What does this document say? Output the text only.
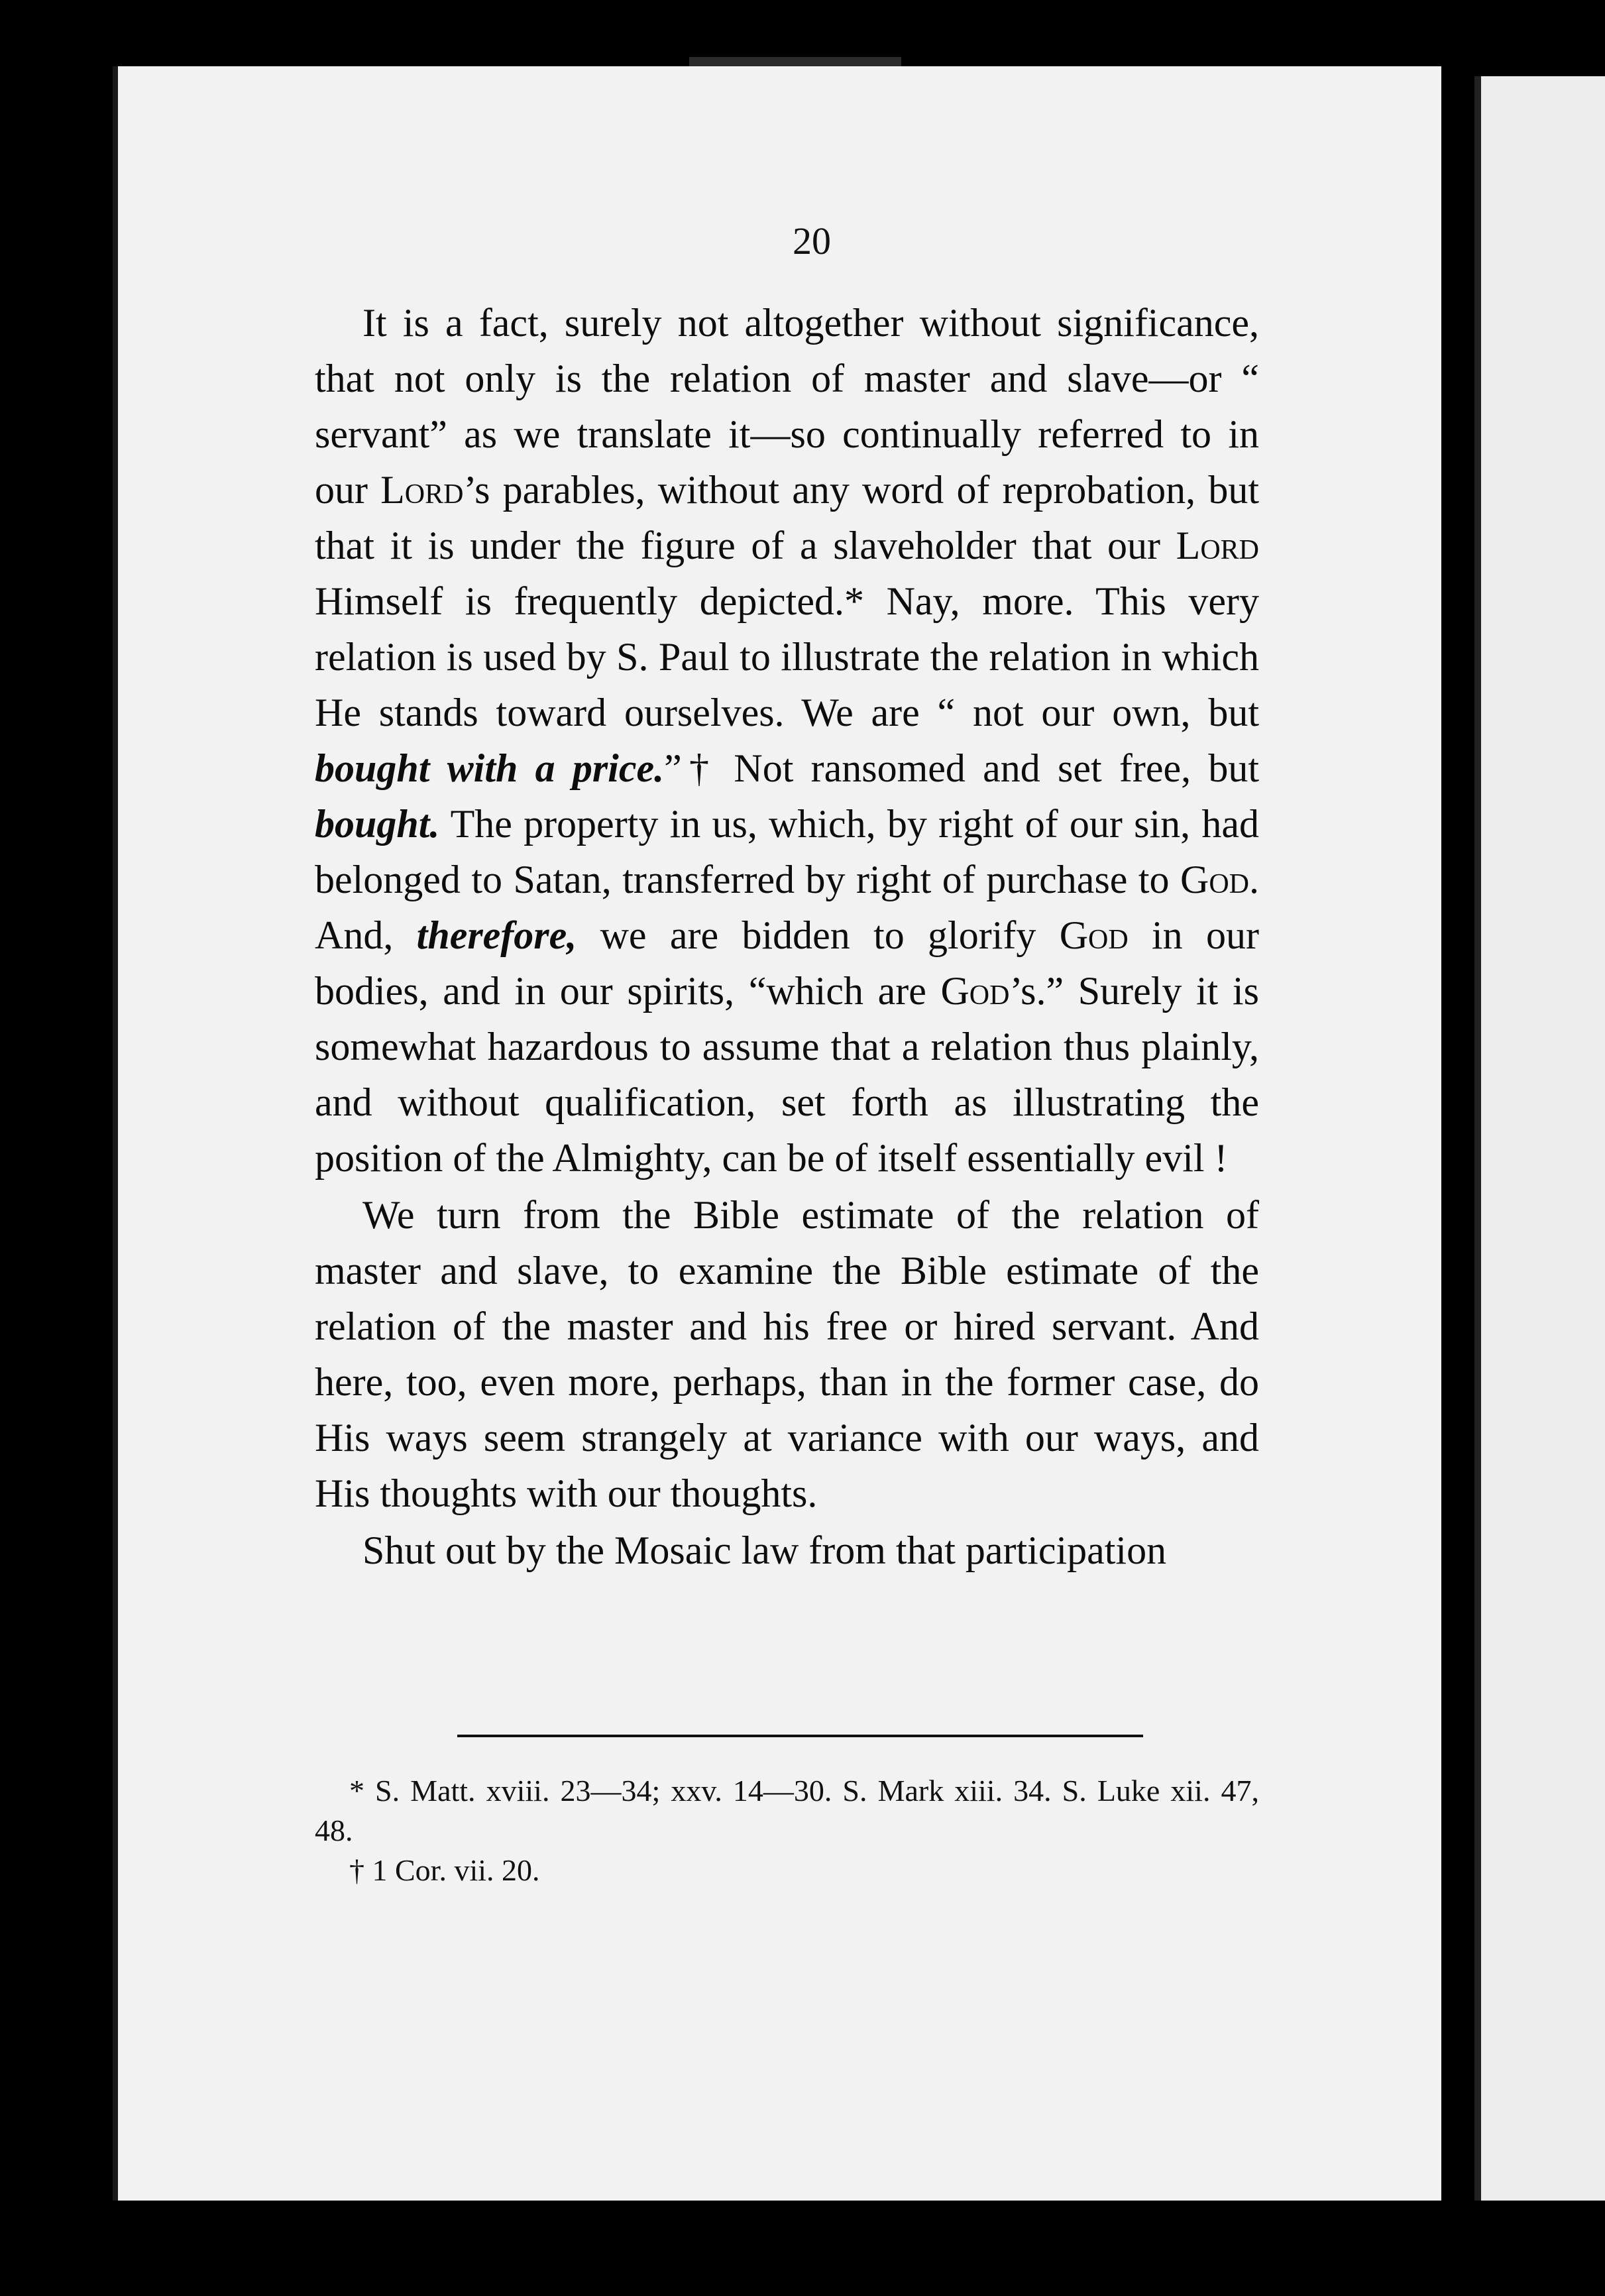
20

It is a fact, surely not altogether without significance, that not only is the relation of master and slave—or “ servant” as we translate it—so continually referred to in our Lord’s parables, without any word of reprobation, but that it is under the figure of a slaveholder that our Lord Himself is frequently depicted.* Nay, more. This very relation is used by S. Paul to illustrate the relation in which He stands toward ourselves. We are “ not our own, but bought with a price.”† Not ransomed and set free, but bought. The property in us, which, by right of our sin, had belonged to Satan, transferred by right of purchase to God. And, therefore, we are bidden to glorify God in our bodies, and in our spirits, “which are God’s.” Surely it is somewhat hazardous to assume that a relation thus plainly, and without qualification, set forth as illustrating the position of the Almighty, can be of itself essentially evil !

We turn from the Bible estimate of the relation of master and slave, to examine the Bible estimate of the relation of the master and his free or hired servant. And here, too, even more, perhaps, than in the former case, do His ways seem strangely at variance with our ways, and His thoughts with our thoughts.

Shut out by the Mosaic law from that participation

* S. Matt. xviii. 23—34; xxv. 14—30. S. Mark xiii. 34. S. Luke xii. 47, 48.

† 1 Cor. vii. 20.
